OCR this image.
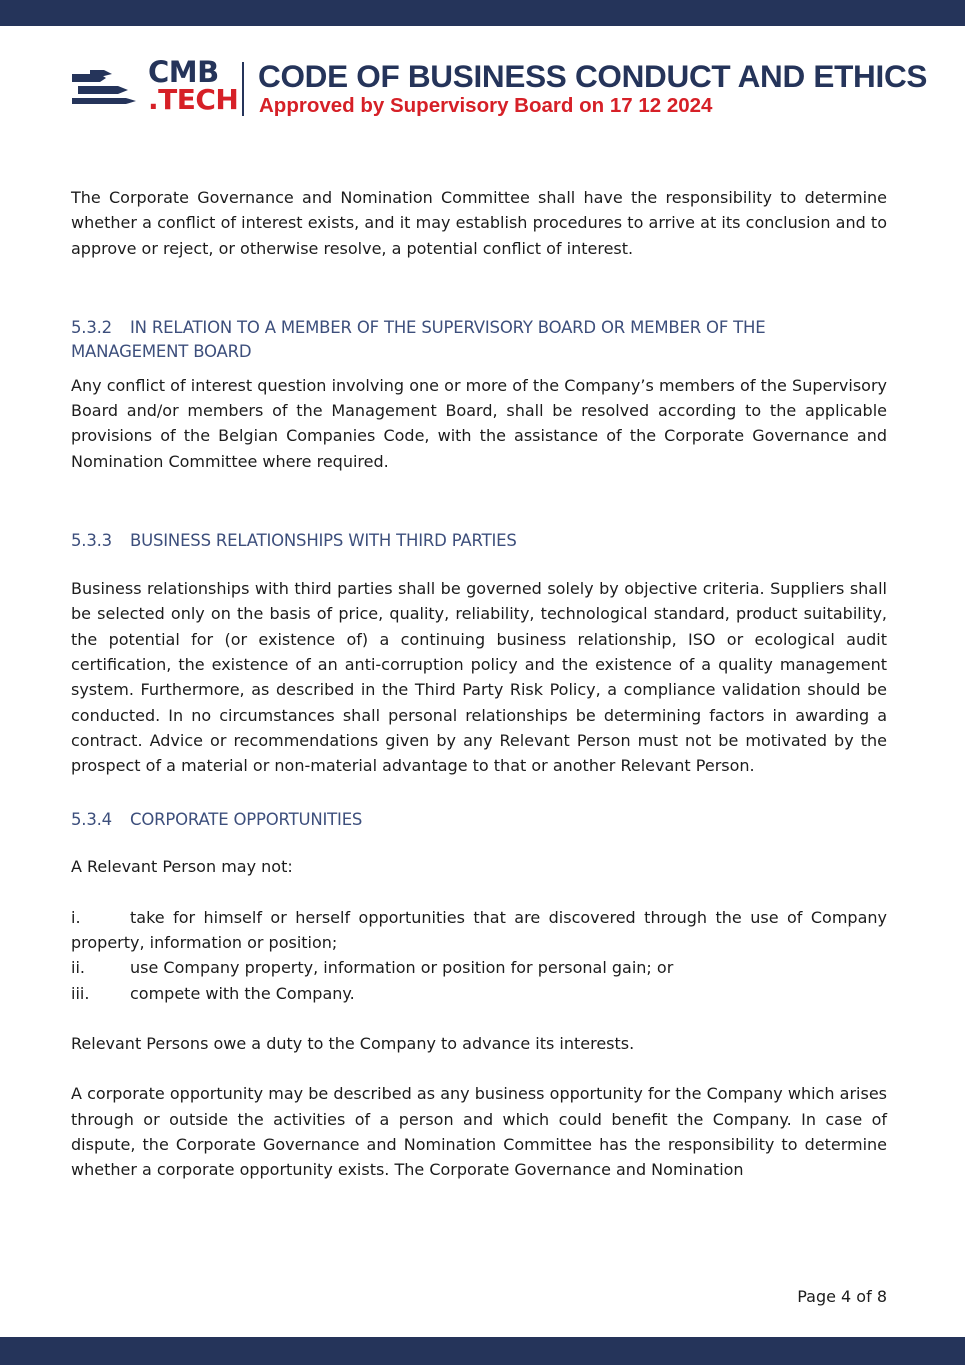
CMB
.TECH
CODE OF BUSINESS CONDUCT AND ETHICS
Approved by Supervisory Board on 17 12 2024

The Corporate Governance and Nomination Committee shall have the responsibility to determine whether a conflict of interest exists, and it may establish procedures to arrive at its conclusion and to approve or reject, or otherwise resolve, a potential conflict of interest.

5.3.2 IN RELATION TO A MEMBER OF THE SUPERVISORY BOARD OR MEMBER OF THE MANAGEMENT BOARD

Any conflict of interest question involving one or more of the Company’s members of the Supervisory Board and/or members of the Management Board, shall be resolved according to the applicable provisions of the Belgian Companies Code, with the assistance of the Corporate Governance and Nomination Committee where required.

5.3.3 BUSINESS RELATIONSHIPS WITH THIRD PARTIES

Business relationships with third parties shall be governed solely by objective criteria. Suppliers shall be selected only on the basis of price, quality, reliability, technological standard, product suitability, the potential for (or existence of) a continuing business relationship, ISO or ecological audit certification, the existence of an anti-corruption policy and the existence of a quality management system. Furthermore, as described in the Third Party Risk Policy, a compliance validation should be conducted. In no circumstances shall personal relationships be determining factors in awarding a contract. Advice or recommendations given by any Relevant Person must not be motivated by the prospect of a material or non-material advantage to that or another Relevant Person.

5.3.4 CORPORATE OPPORTUNITIES

A Relevant Person may not:

i.	take for himself or herself opportunities that are discovered through the use of Company property, information or position;
ii.	use Company property, information or position for personal gain; or
iii.	compete with the Company.

Relevant Persons owe a duty to the Company to advance its interests.

A corporate opportunity may be described as any business opportunity for the Company which arises through or outside the activities of a person and which could benefit the Company. In case of dispute, the Corporate Governance and Nomination Committee has the responsibility to determine whether a corporate opportunity exists. The Corporate Governance and Nomination

Page 4 of 8
